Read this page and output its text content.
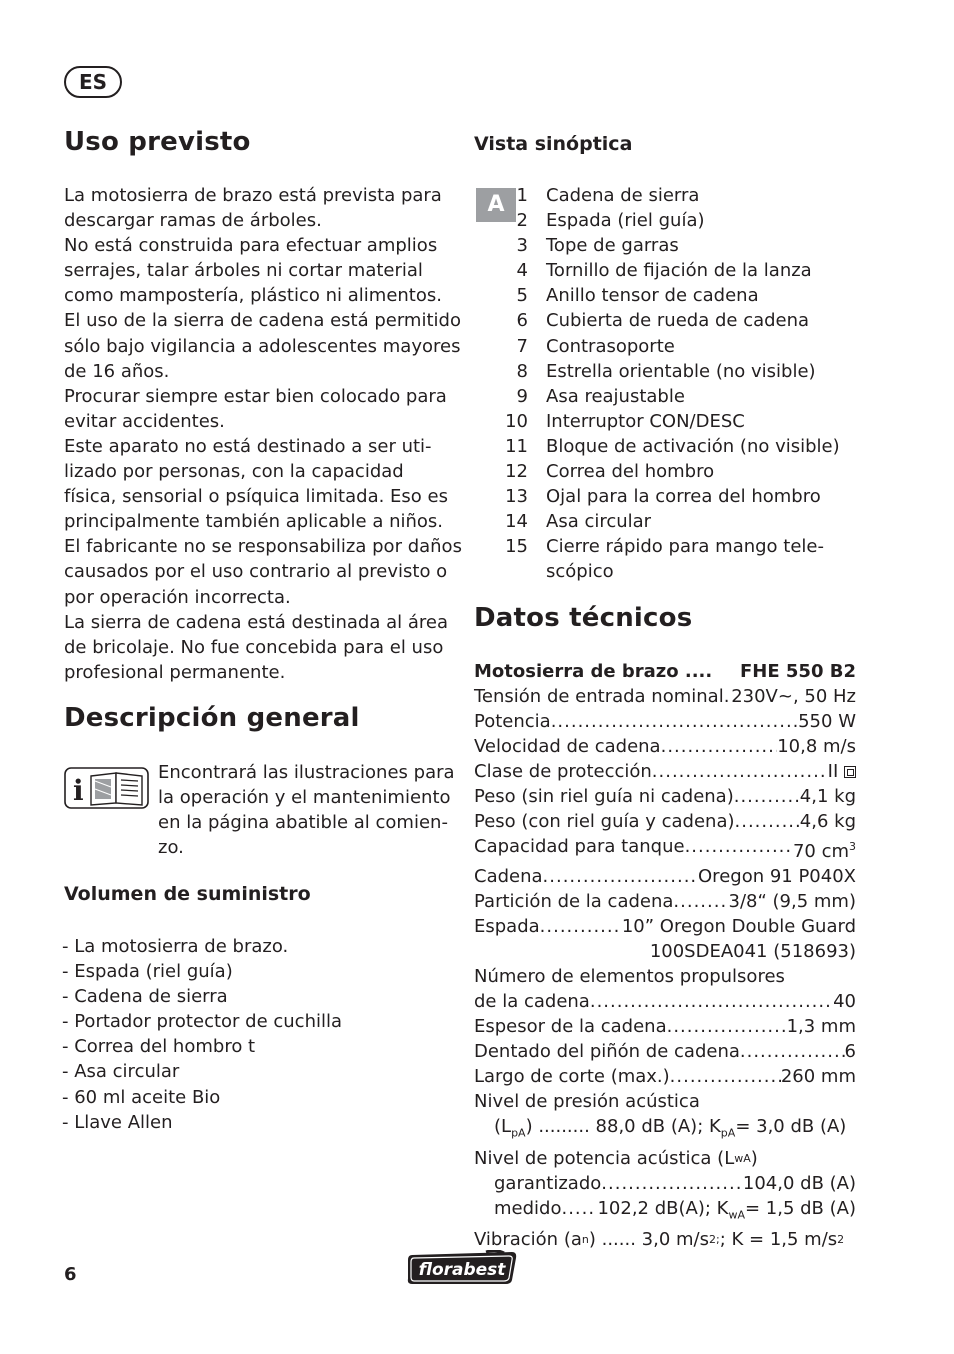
ES
Uso previsto
La motosierra de brazo está prevista para
descargar ramas de árboles.
No está construida para efectuar amplios
serrajes, talar árboles ni cortar material
como mampostería, plástico ni alimentos.
El uso de la sierra de cadena está permitido
sólo bajo vigilancia a adolescentes mayores
de 16 años.
Procurar siempre estar bien colocado para
evitar accidentes.
Este aparato no está destinado a ser uti-
lizado por personas, con la capacidad
física, sensorial o psíquica limitada. Eso es
principalmente también aplicable a niños.
El fabricante no se responsabiliza por daños
causados por el uso contrario al previsto o
por operación incorrecta.
La sierra de cadena está destinada al área
de bricolaje. No fue concebida para el uso
profesional permanente.
Descripción general
i
Encontrará las ilustraciones para
la operación y el mantenimiento
en la página abatible al comien-
zo.
Volumen de suministro
- La motosierra de brazo.
- Espada (riel guía)
- Cadena de sierra
- Portador protector de cuchilla
- Correa del hombro t
- Asa circular
- 60 ml aceite Bio
- Llave Allen
Vista sinóptica
A 1	Cadena de sierra
2	Espada (riel guía)
3	Tope de garras
4	Tornillo de fijación de la lanza
5	Anillo tensor de cadena
6	Cubierta de rueda de cadena
7	Contrasoporte
8	Estrella orientable (no visible)
9	Asa reajustable
10	Interruptor CON/DESC
11	Bloque de activación (no visible)
12	Correa del hombro
13	Ojal para la correa del hombro
14	Asa circular
15	Cierre rápido para mango tele-
scópico
Datos técnicos
Motosierra de brazo .... FHE 550 B2
Tensión de entrada nominal ..... 230V~, 50 Hz
Potencia .....	550 W
Velocidad de cadena .....	10,8 m/s
Clase de protección .....	II
Peso (sin riel guía ni cadena) .....	4,1 kg
Peso (con riel guía y cadena) .....	4,6 kg
Capacidad para tanque .....	70 $cm^3$
Cadena .....	Oregon 91 P040X
Partición de la cadena .....	3/8“ (9,5 mm)
Espada .....	10” Oregon Double Guard
100SDEA041 (518693)
Número de elementos propulsores
de la cadena .....	40
Espesor de la cadena .....	1,3 mm
Dentado del piñón de cadena .....	6
Largo de corte (max.) .....	260 mm
Nivel de presión acústica
$(L_{pA})$ ......... 88,0 dB (A); $K_{pA}= 3,0$ dB (A)
Nivel de potencia acústica (L wA )
garantizado .....	104,0 dB (A)
medido ..... 102,2 dB(A); $K_{wA}= 1,5$ dB (A)
Vibración (a n ) ...... 3,0 m/s 2; ; K = 1,5 m/s 2
6	florabest
